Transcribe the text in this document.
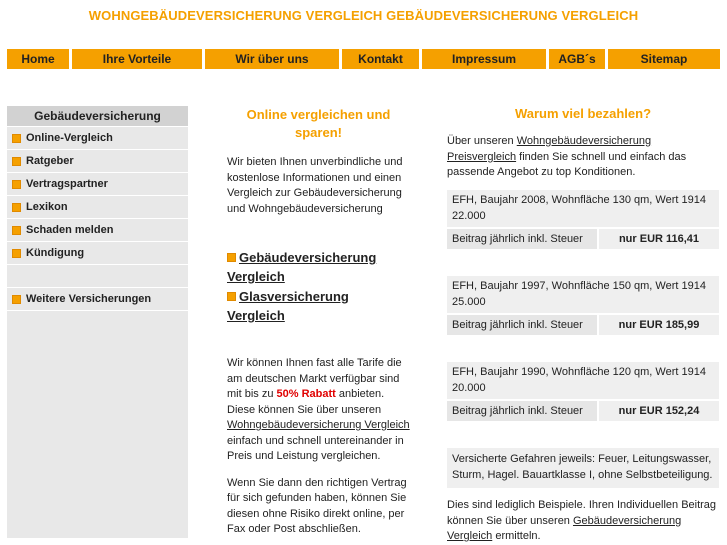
WOHNGEBÄUDEVERSICHERUNG VERGLEICH GEBÄUDEVERSICHERUNG VERGLEICH
Home	Ihre Vorteile	Wir über uns	Kontakt	Impressum	AGB´s	Sitemap
Gebäudeversicherung
Online-Vergleich
Ratgeber
Vertragspartner
Lexikon
Schaden melden
Kündigung
Weitere Versicherungen
Online vergleichen und sparen!

Wir bieten Ihnen unverbindliche und kostenlose Informationen und einen Vergleich zur Gebäudeversicherung und Wohngebäudeversicherung

Gebäudeversicherung Vergleich
Glasversicherung Vergleich

Wir können Ihnen fast alle Tarife die am deutschen Markt verfügbar sind mit bis zu 50% Rabatt anbieten. Diese können Sie über unseren Wohngebäudeversicherung Vergleich einfach und schnell untereinander in Preis und Leistung vergleichen.

Wenn Sie dann den richtigen Vertrag für sich gefunden haben, können Sie diesen ohne Risiko direkt online, per Fax oder Post abschließen.

Warum viel bezahlen?

Über unseren Wohngebäudeversicherung Preisvergleich finden Sie schnell und einfach das passende Angebot zu top Konditionen.

EFH, Baujahr 2008, Wohnfläche 130 qm, Wert 1914 22.000
Beitrag jährlich inkl. Steuer	nur EUR 116,41
EFH, Baujahr 1997, Wohnfläche 150 qm, Wert 1914 25.000
Beitrag jährlich inkl. Steuer	nur EUR 185,99
EFH, Baujahr 1990, Wohnfläche 120 qm, Wert 1914 20.000
Beitrag jährlich inkl. Steuer	nur EUR 152,24
Versicherte Gefahren jeweils: Feuer, Leitungswasser, Sturm, Hagel. Bauartklasse I, ohne Selbstbeteiligung.

Dies sind lediglich Beispiele. Ihren Individuellen Beitrag können Sie über unseren Gebäudeversicherung Vergleich ermitteln.
